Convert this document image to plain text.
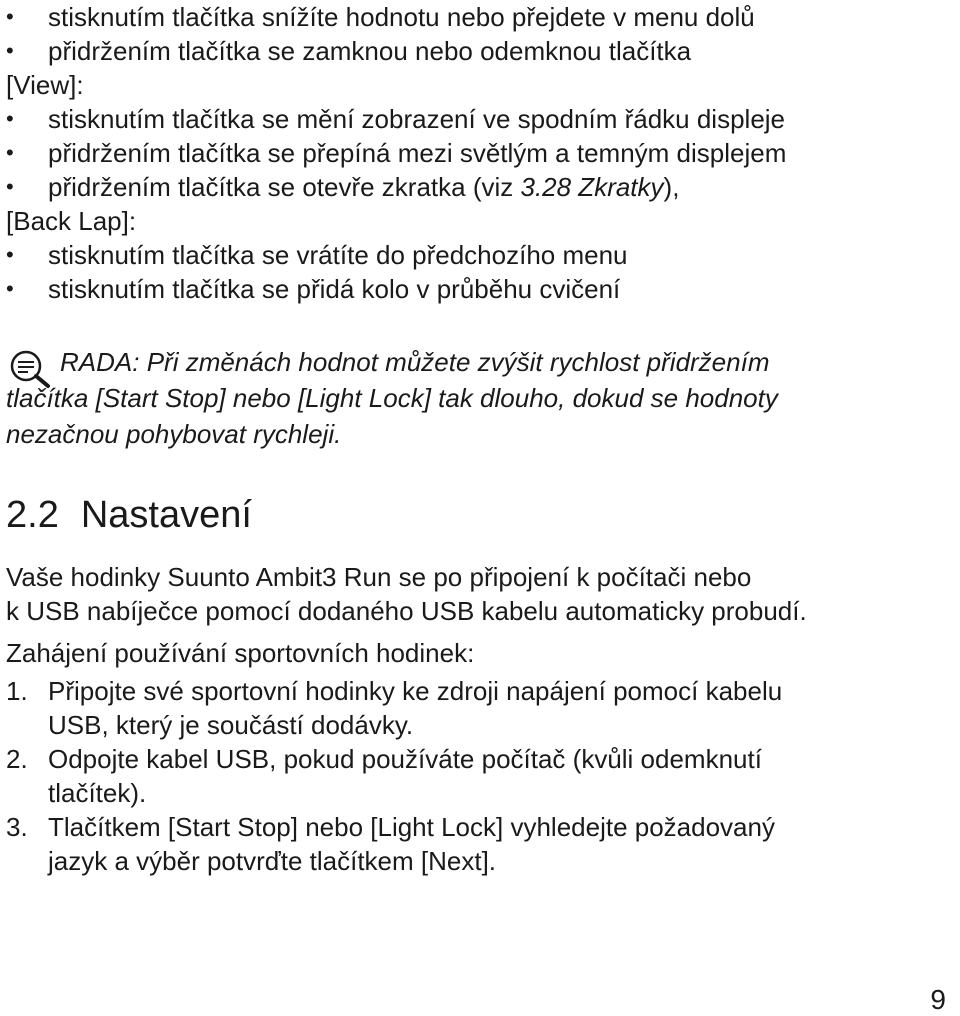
• stisknutím tlačítka snížíte hodnotu nebo přejdete v menu dolů
• přidržením tlačítka se zamknou nebo odemknou tlačítka
[View]:
• stisknutím tlačítka se mění zobrazení ve spodním řádku displeje
• přidržením tlačítka se přepíná mezi světlým a temným displejem
• přidržením tlačítka se otevře zkratka (viz 3.28 Zkratky),
[Back Lap]:
• stisknutím tlačítka se vrátíte do předchozího menu
• stisknutím tlačítka se přidá kolo v průběhu cvičení
RADA: Při změnách hodnot můžete zvýšit rychlost přidržením
tlačítka [Start Stop] nebo [Light Lock] tak dlouho, dokud se hodnoty
nezačnou pohybovat rychleji.
2.2 Nastavení

Vaše hodinky Suunto Ambit3 Run se po připojení k počítači nebo

k USB nabíječce pomocí dodaného USB kabelu automaticky probudí.

Zahájení používání sportovních hodinek:

1. Připojte své sportovní hodinky ke zdroji napájení pomocí kabelu
USB, který je součástí dodávky.
2. Odpojte kabel USB, pokud používáte počítač (kvůli odemknutí
tlačítek).
3. Tlačítkem [Start Stop] nebo [Light Lock] vyhledejte požadovaný
jazyk a výběr potvrďte tlačítkem [Next].
9
